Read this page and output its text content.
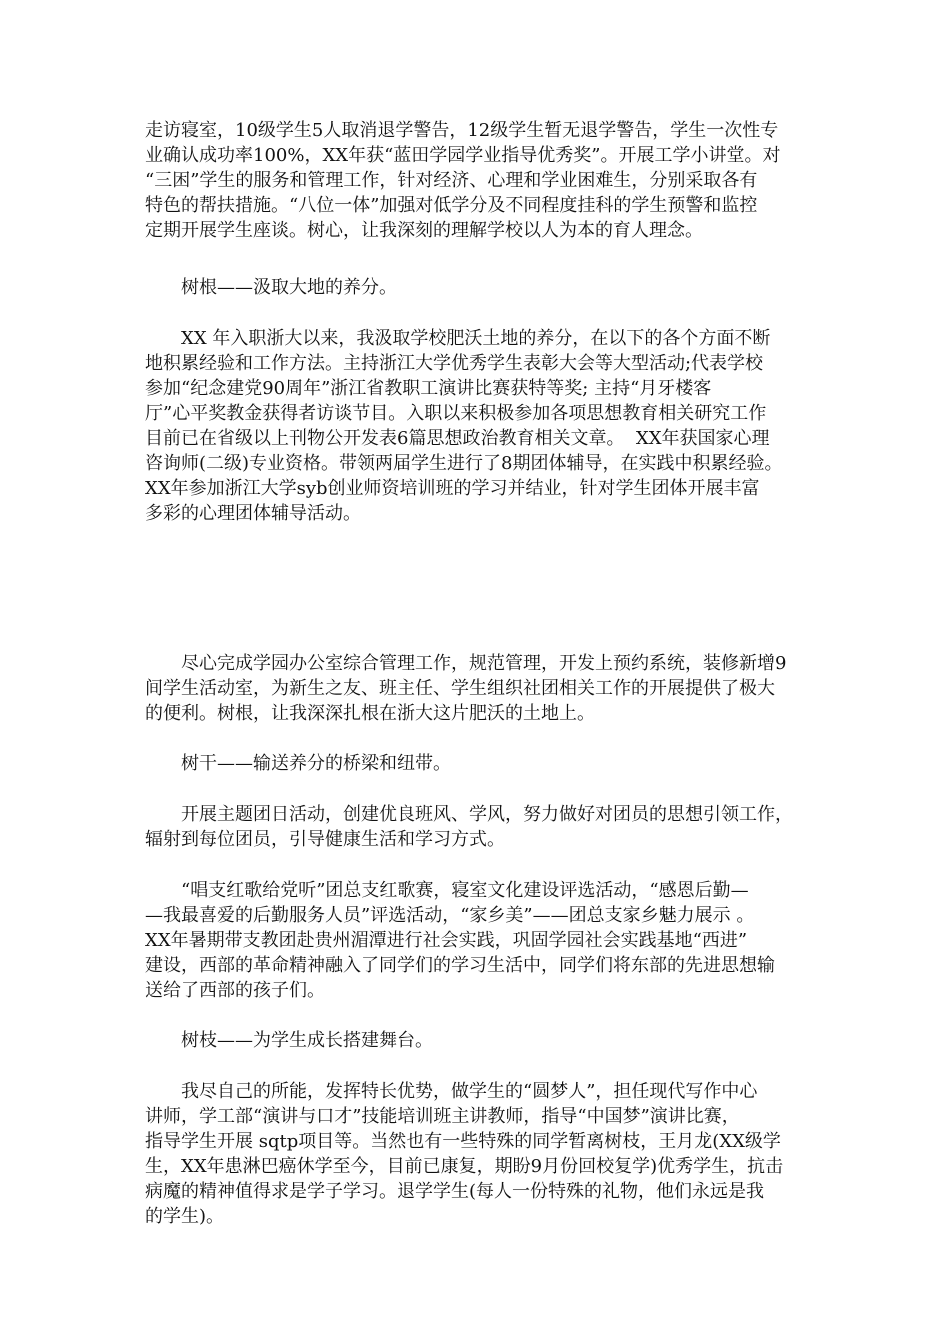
走访寝室，10级学生5人取消退学警告，12级学生暂无退学警告，学生一次性专
业确认成功率100%，XX年获“蓝田学园学业指导优秀奖”。开展工学小讲堂。对
“三困”学生的服务和管理工作，针对经济、心理和学业困难生，分别采取各有
特色的帮扶措施。“八位一体”加强对低学分及不同程度挂科的学生预警和监控
定期开展学生座谈。树心，让我深刻的理解学校以人为本的育人理念。
树根——汲取大地的养分。
XX 年入职浙大以来，我汲取学校肥沃土地的养分，在以下的各个方面不断
地积累经验和工作方法。主持浙江大学优秀学生表彰大会等大型活动;代表学校
参加“纪念建党90周年”浙江省教职工演讲比赛获特等奖; 主持“月牙楼客
厅”心平奖教金获得者访谈节目。入职以来积极参加各项思想教育相关研究工作
目前已在省级以上刊物公开发表6篇思想政治教育相关文章。  XX年获国家心理
咨询师(二级)专业资格。带领两届学生进行了8期团体辅导，在实践中积累经验。
XX年参加浙江大学syb创业师资培训班的学习并结业，针对学生团体开展丰富
多彩的心理团体辅导活动。
尽心完成学园办公室综合管理工作，规范管理，开发上预约系统，装修新增9
间学生活动室，为新生之友、班主任、学生组织社团相关工作的开展提供了极大
的便利。树根，让我深深扎根在浙大这片肥沃的土地上。
树干——输送养分的桥梁和纽带。
开展主题团日活动，创建优良班风、学风，努力做好对团员的思想引领工作，
辐射到每位团员，引导健康生活和学习方式。
“唱支红歌给党听”团总支红歌赛，寝室文化建设评选活动，“感恩后勤—
—我最喜爱的后勤服务人员”评选活动，“家乡美”——团总支家乡魅力展示 。
XX年暑期带支教团赴贵州湄潭进行社会实践，巩固学园社会实践基地“西进”
建设，西部的革命精神融入了同学们的学习生活中，同学们将东部的先进思想输
送给了西部的孩子们。
树枝——为学生成长搭建舞台。
我尽自己的所能，发挥特长优势，做学生的“圆梦人”，担任现代写作中心
讲师，学工部“演讲与口才”技能培训班主讲教师，指导“中国梦”演讲比赛，
指导学生开展 sqtp项目等。当然也有一些特殊的同学暂离树枝，王月龙(XX级学
生，XX年患淋巴癌休学至今，目前已康复，期盼9月份回校复学)优秀学生，抗击
病魔的精神值得求是学子学习。退学学生(每人一份特殊的礼物，他们永远是我
的学生)。
